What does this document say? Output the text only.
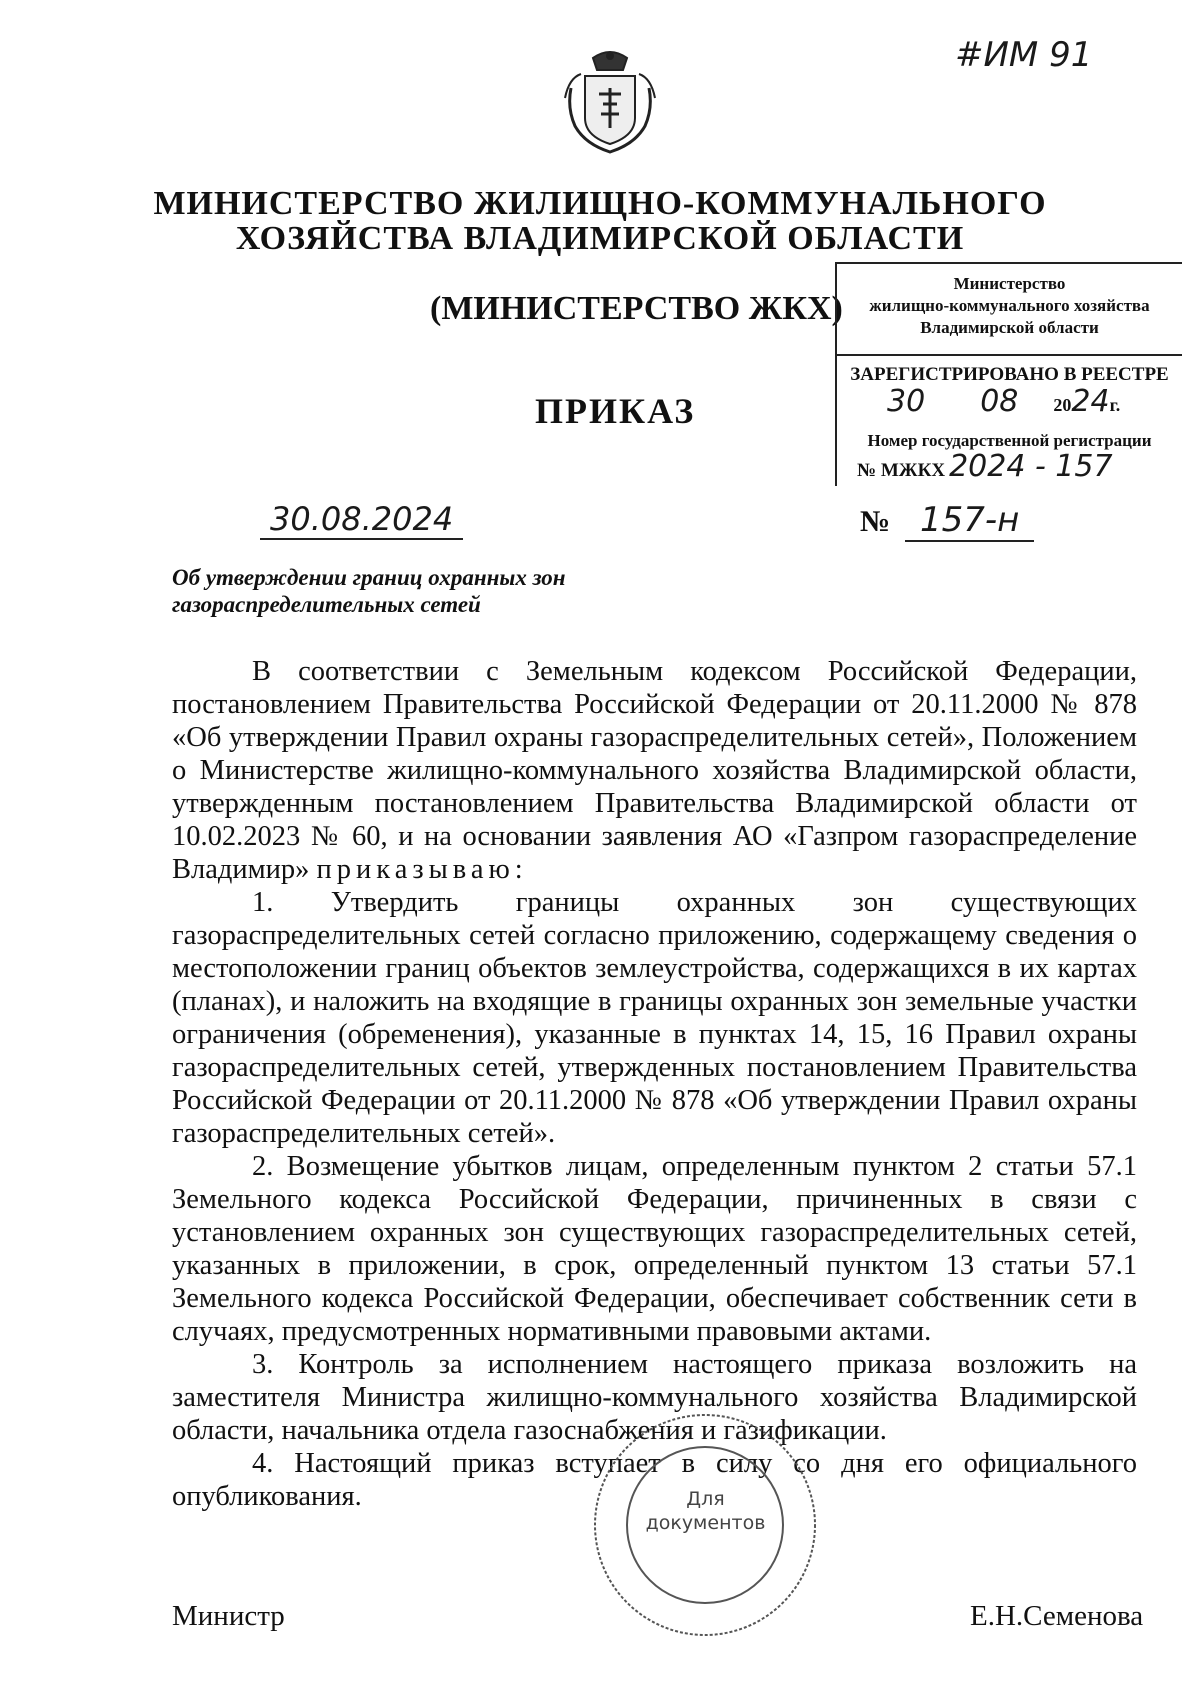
#ИМ 91
МИНИСТЕРСТВО ЖИЛИЩНО-КОММУНАЛЬНОГО
ХОЗЯЙСТВА ВЛАДИМИРСКОЙ ОБЛАСТИ
(МИНИСТЕРСТВО ЖКХ)
ПРИКАЗ
Министерство
жилищно-коммунального хозяйства
Владимирской области
ЗАРЕГИСТРИРОВАНО В РЕЕСТРЕ
30 08 2024г.
Номер государственной регистрации
№ МЖКХ 2024 - 157
30.08.2024	№ 157-н
Об утверждении границ охранных зон
газораспределительных сетей

В соответствии с Земельным кодексом Российской Федерации, постановлением Правительства Российской Федерации от 20.11.2000 № 878 «Об утверждении Правил охраны газораспределительных сетей», Положением о Министерстве жилищно-коммунального хозяйства Владимирской области, утвержденным постановлением Правительства Владимирской области от 10.02.2023 № 60, и на основании заявления АО «Газпром газораспределение Владимир» приказываю:

1. Утвердить границы охранных зон существующих газораспределительных сетей согласно приложению, содержащему сведения о местоположении границ объектов землеустройства, содержащихся в их картах (планах), и наложить на входящие в границы охранных зон земельные участки ограничения (обременения), указанные в пунктах 14, 15, 16 Правил охраны газораспределительных сетей, утвержденных постановлением Правительства Российской Федерации от 20.11.2000 № 878 «Об утверждении Правил охраны газораспределительных сетей».

2. Возмещение убытков лицам, определенным пунктом 2 статьи 57.1 Земельного кодекса Российской Федерации, причиненных в связи с установлением охранных зон существующих газораспределительных сетей, указанных в приложении, в срок, определенный пунктом 13 статьи 57.1 Земельного кодекса Российской Федерации, обеспечивает собственник сети в случаях, предусмотренных нормативными правовыми актами.

3. Контроль за исполнением настоящего приказа возложить на заместителя Министра жилищно-коммунального хозяйства Владимирской области, начальника отдела газоснабжения и газификации.

4. Настоящий приказ вступает в силу со дня его официального опубликования.	Для
документов
Министр	Е.Н.Семенова
